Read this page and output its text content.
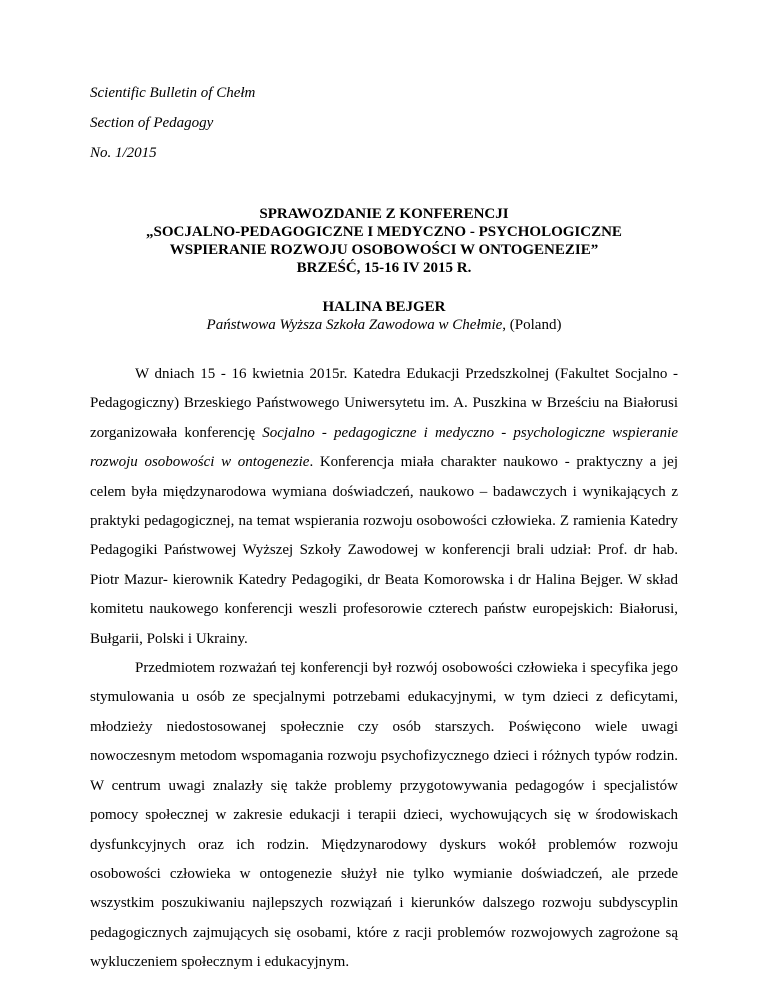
Scientific Bulletin of Chełm
Section of Pedagogy
No. 1/2015
SPRAWOZDANIE Z KONFERENCJI
„SOCJALNO-PEDAGOGICZNE I MEDYCZNO - PSYCHOLOGICZNE
WSPIERANIE ROZWOJU OSOBOWOŚCI W ONTOGENEZIE”
BRZEŚĆ, 15-16 IV 2015 R.
HALINA BEJGER
Państwowa Wyższa Szkoła Zawodowa w Chełmie, (Poland)

W dniach 15 - 16 kwietnia 2015r. Katedra Edukacji Przedszkolnej (Fakultet Socjalno - Pedagogiczny) Brzeskiego Państwowego Uniwersytetu im. A. Puszkina w Brześciu na Białorusi zorganizowała konferencję Socjalno - pedagogiczne i medyczno - psychologiczne wspieranie rozwoju osobowości w ontogenezie. Konferencja miała charakter naukowo - praktyczny a jej celem była międzynarodowa wymiana doświadczeń, naukowo – badawczych i wynikających z praktyki pedagogicznej, na temat wspierania rozwoju osobowości człowieka. Z ramienia Katedry Pedagogiki Państwowej Wyższej Szkoły Zawodowej w konferencji brali udział: Prof. dr hab. Piotr Mazur- kierownik Katedry Pedagogiki, dr Beata Komorowska i dr Halina Bejger. W skład komitetu naukowego konferencji weszli profesorowie czterech państw europejskich: Białorusi, Bułgarii, Polski i Ukrainy.

Przedmiotem rozważań tej konferencji był rozwój osobowości człowieka i specyfika jego stymulowania u osób ze specjalnymi potrzebami edukacyjnymi, w tym dzieci z deficytami, młodzieży niedostosowanej społecznie czy osób starszych. Poświęcono wiele uwagi nowoczesnym metodom wspomagania rozwoju psychofizycznego dzieci i różnych typów rodzin. W centrum uwagi znalazły się także problemy przygotowywania pedagogów i specjalistów pomocy społecznej w zakresie edukacji i terapii dzieci, wychowujących się w środowiskach dysfunkcyjnych oraz ich rodzin. Międzynarodowy dyskurs wokół problemów rozwoju osobowości człowieka w ontogenezie służył nie tylko wymianie doświadczeń, ale przede wszystkim poszukiwaniu najlepszych rozwiązań i kierunków dalszego rozwoju subdyscyplin pedagogicznych zajmujących się osobami, które z racji problemów rozwojowych zagrożone są wykluczeniem społecznym i edukacyjnym.
